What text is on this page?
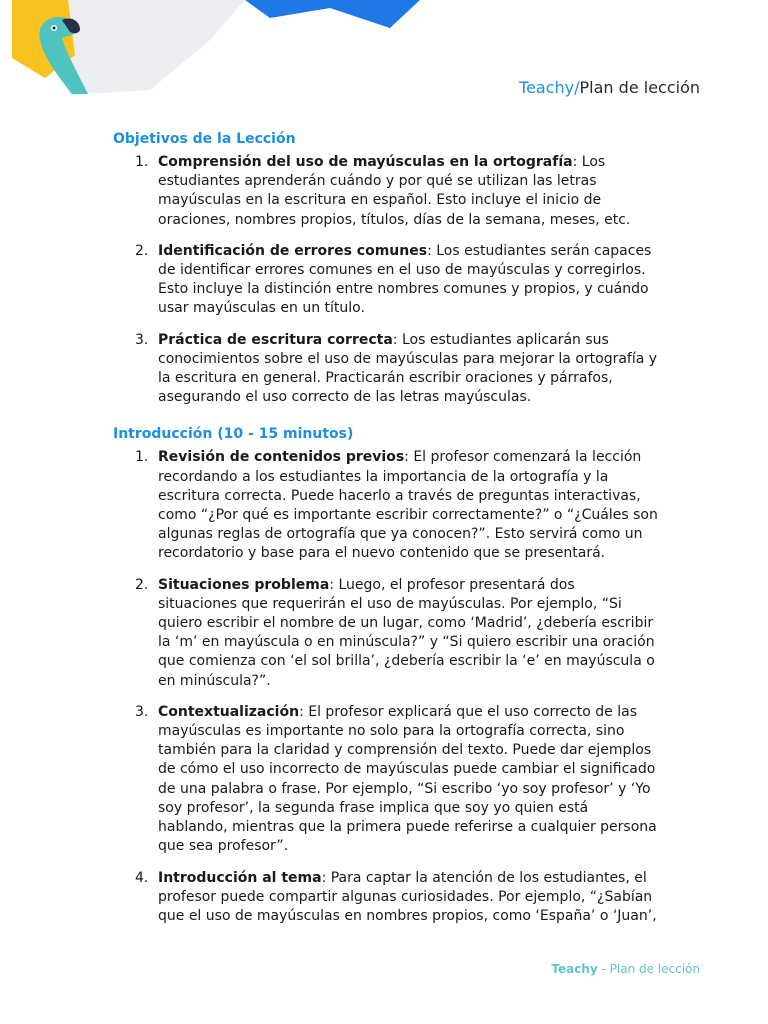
Teachy/Plan de lección
Objetivos de la Lección
1. Comprensión del uso de mayúsculas en la ortografía: Los estudiantes aprenderán cuándo y por qué se utilizan las letras mayúsculas en la escritura en español. Esto incluye el inicio de oraciones, nombres propios, títulos, días de la semana, meses, etc.
2. Identificación de errores comunes: Los estudiantes serán capaces de identificar errores comunes en el uso de mayúsculas y corregirlos. Esto incluye la distinción entre nombres comunes y propios, y cuándo usar mayúsculas en un título.
3. Práctica de escritura correcta: Los estudiantes aplicarán sus conocimientos sobre el uso de mayúsculas para mejorar la ortografía y la escritura en general. Practicarán escribir oraciones y párrafos, asegurando el uso correcto de las letras mayúsculas.
Introducción (10 - 15 minutos)
1. Revisión de contenidos previos: El profesor comenzará la lección recordando a los estudiantes la importancia de la ortografía y la escritura correcta. Puede hacerlo a través de preguntas interactivas, como “¿Por qué es importante escribir correctamente?” o “¿Cuáles son algunas reglas de ortografía que ya conocen?”. Esto servirá como un recordatorio y base para el nuevo contenido que se presentará.
2. Situaciones problema: Luego, el profesor presentará dos situaciones que requerirán el uso de mayúsculas. Por ejemplo, “Si quiero escribir el nombre de un lugar, como ‘Madrid’, ¿debería escribir la ‘m’ en mayúscula o en minúscula?” y “Si quiero escribir una oración que comienza con ‘el sol brilla’, ¿debería escribir la ‘e’ en mayúscula o en minúscula?”.
3. Contextualización: El profesor explicará que el uso correcto de las mayúsculas es importante no solo para la ortografía correcta, sino también para la claridad y comprensión del texto. Puede dar ejemplos de cómo el uso incorrecto de mayúsculas puede cambiar el significado de una palabra o frase. Por ejemplo, “Si escribo ‘yo soy profesor’ y ‘Yo soy profesor’, la segunda frase implica que soy yo quien está hablando, mientras que la primera puede referirse a cualquier persona que sea profesor”.
4. Introducción al tema: Para captar la atención de los estudiantes, el profesor puede compartir algunas curiosidades. Por ejemplo, “¿Sabían que el uso de mayúsculas en nombres propios, como ‘España’ o ‘Juan’,
Teachy - Plan de lección
